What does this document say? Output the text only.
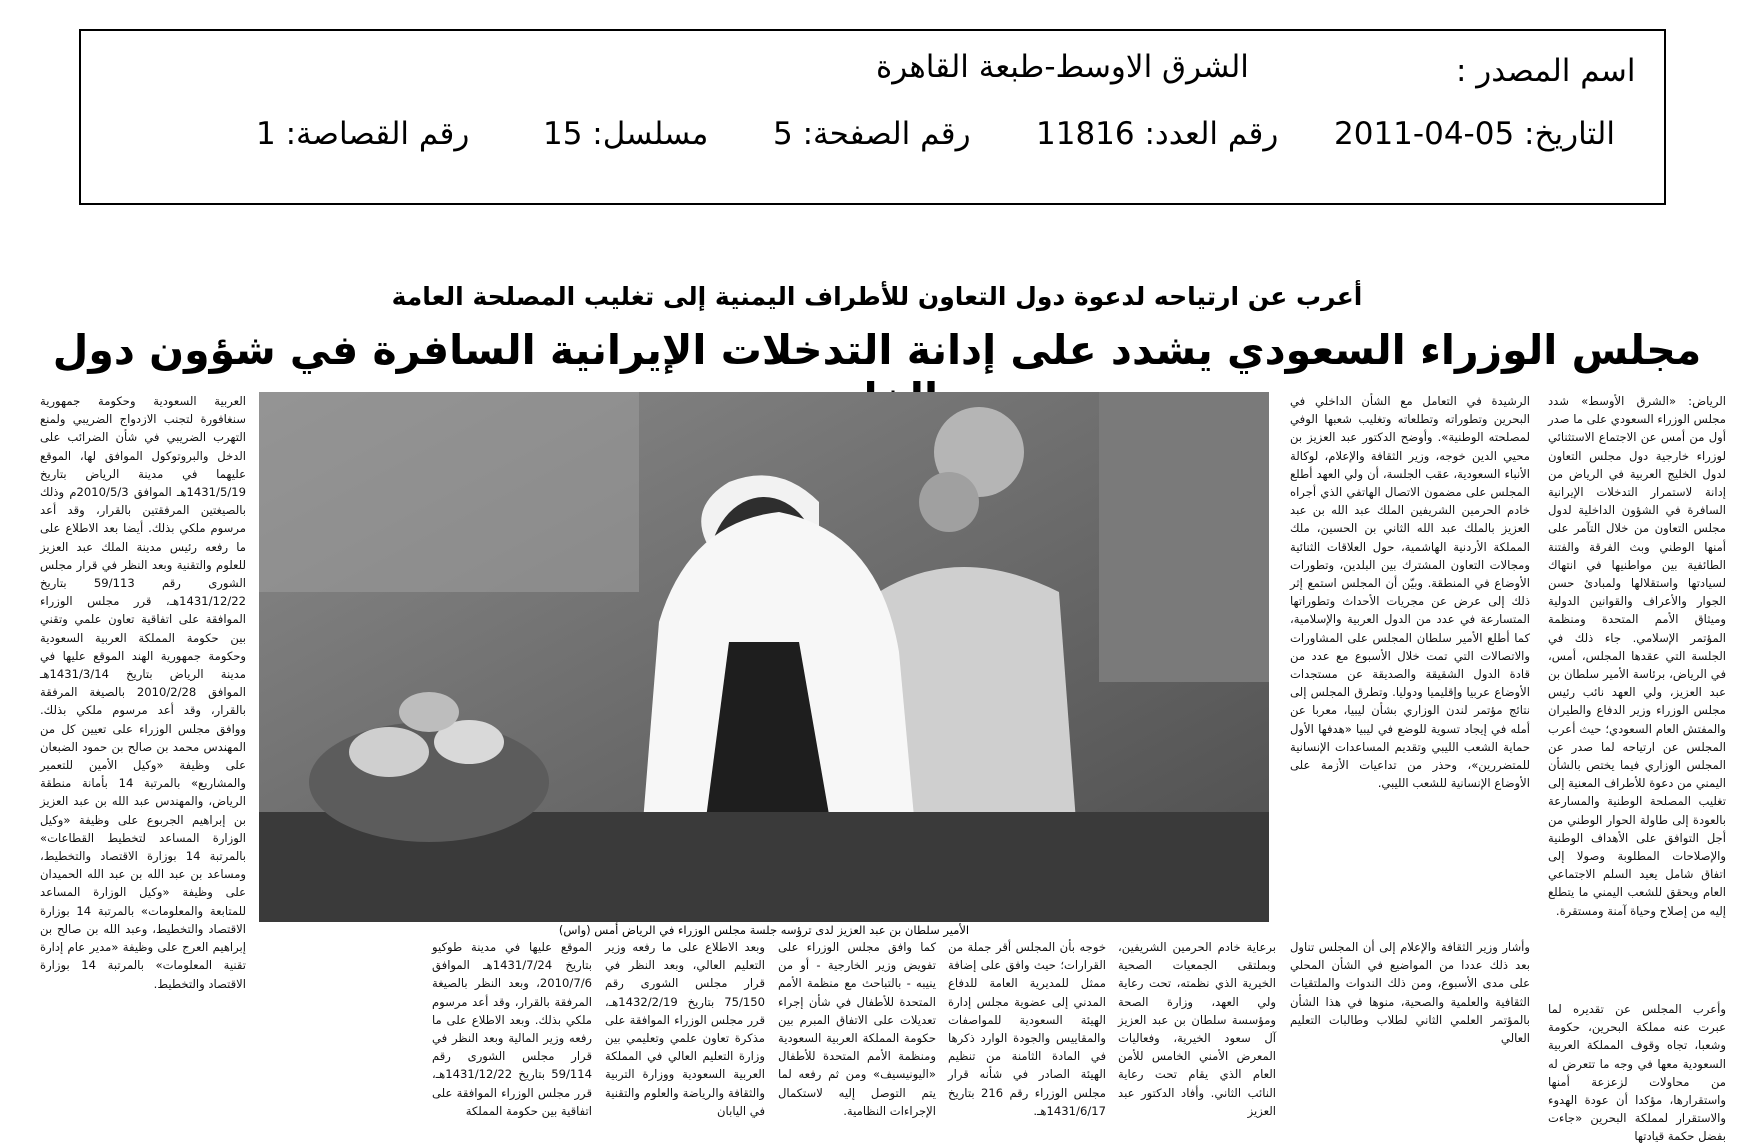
اسم المصدر :
الشرق الاوسط-طبعة القاهرة
التاريخ: 05-04-2011
رقم العدد: 11816
رقم الصفحة: 5
مسلسل: 15
رقم القصاصة: 1
أعرب عن ارتياحه لدعوة دول التعاون للأطراف اليمنية إلى تغليب المصلحة العامة
مجلس الوزراء السعودي يشدد على إدانة التدخلات الإيرانية السافرة في شؤون دول

الرياض: «الشرق الأوسط» شدد مجلس الوزراء السعودي على ما صدر أول من أمس عن الاجتماع الاستثنائي لوزراء خارجية دول مجلس التعاون لدول الخليج العربية في الرياض من إدانة لاستمرار التدخلات الإيرانية السافرة في الشؤون الداخلية لدول مجلس التعاون من خلال التآمر على أمنها الوطني وبث الفرقة والفتنة الطائفية بين مواطنيها في انتهاك لسيادتها واستقلالها ولمبادئ حسن الجوار والأعراف والقوانين الدولية وميثاق الأمم المتحدة ومنظمة المؤتمر الإسلامي. جاء ذلك في الجلسة التي عقدها المجلس، أمس، في الرياض، برئاسة الأمير سلطان بن عبد العزيز، ولي العهد نائب رئيس مجلس الوزراء وزير الدفاع والطيران والمفتش العام السعودي؛ حيث أعرب المجلس عن ارتياحه لما صدر عن المجلس الوزاري فيما يختص بالشأن اليمني من دعوة للأطراف المعنية إلى تغليب المصلحة الوطنية والمسارعة بالعودة إلى طاولة الحوار الوطني من أجل التوافق على الأهداف الوطنية والإصلاحات المطلوبة وصولا إلى اتفاق شامل يعيد السلم الاجتماعي العام ويحقق للشعب اليمني ما يتطلع إليه من إصلاح وحياة آمنة ومستقرة.

وأعرب المجلس عن تقديره لما عبرت عنه مملكة البحرين، حكومة وشعبا، تجاه وقوف المملكة العربية السعودية معها في وجه ما تتعرض له من محاولات لزعزعة أمنها واستقرارها، مؤكدا أن عودة الهدوء والاستقرار لمملكة البحرين «جاءت بفضل حكمة قيادتها

الرشيدة في التعامل مع الشأن الداخلي في البحرين وتطوراته وتطلعاته وتغليب شعبها الوفي لمصلحته الوطنية». وأوضح الدكتور عبد العزيز بن محيي الدين خوجه، وزير الثقافة والإعلام، لوكالة الأنباء السعودية، عقب الجلسة، أن ولي العهد أطلع المجلس على مضمون الاتصال الهاتفي الذي أجراه خادم الحرمين الشريفين الملك عبد الله بن عبد العزيز بالملك عبد الله الثاني بن الحسين، ملك المملكة الأردنية الهاشمية، حول العلاقات الثنائية ومجالات التعاون المشترك بين البلدين، وتطورات الأوضاع في المنطقة. وبيّن أن المجلس استمع إثر ذلك إلى عرض عن مجريات الأحداث وتطوراتها المتسارعة في عدد من الدول العربية والإسلامية، كما أطلع الأمير سلطان المجلس على المشاورات والاتصالات التي تمت خلال الأسبوع مع عدد من قادة الدول الشقيقة والصديقة عن مستجدات الأوضاع عربيا وإقليميا ودوليا. وتطرق المجلس إلى نتائج مؤتمر لندن الوزاري بشأن ليبيا، معربا عن أمله في إيجاد تسوية للوضع في ليبيا «هدفها الأول حماية الشعب الليبي وتقديم المساعدات الإنسانية للمتضررين»، وحذر من تداعيات الأزمة على الأوضاع الإنسانية للشعب الليبي.

الأمير سلطان بن عبد العزيز لدى ترؤسه جلسة مجلس الوزراء في الرياض أمس (واس)

وأشار وزير الثقافة والإعلام إلى أن المجلس تناول بعد ذلك عددا من المواضيع في الشأن المحلي على مدى الأسبوع، ومن ذلك الندوات والملتقيات الثقافية والعلمية والصحية، منوها في هذا الشأن بالمؤتمر العلمي الثاني لطلاب وطالبات التعليم العالي

برعاية خادم الحرمين الشريفين، وبملتقى الجمعيات الصحية الخيرية الذي نظمته، تحت رعاية ولي العهد، وزارة الصحة ومؤسسة سلطان بن عبد العزيز آل سعود الخيرية، وفعاليات المعرض الأمني الخامس للأمن العام الذي يقام تحت رعاية النائب الثاني. وأفاد الدكتور عبد العزيز

خوجه بأن المجلس أقر جملة من القرارات؛ حيث وافق على إضافة ممثل للمديرية العامة للدفاع المدني إلى عضوية مجلس إدارة الهيئة السعودية للمواصفات والمقاييس والجودة الوارد ذكرها في المادة الثامنة من تنظيم الهيئة الصادر في شأنه قرار مجلس الوزراء رقم 216 بتاريخ 1431/6/17هـ.

كما وافق مجلس الوزراء على تفويض وزير الخارجية - أو من ينيبه - بالتباحث مع منظمة الأمم المتحدة للأطفال في شأن إجراء تعديلات على الاتفاق المبرم بين حكومة المملكة العربية السعودية ومنظمة الأمم المتحدة للأطفال «اليونيسيف» ومن ثم رفعه لما يتم التوصل إليه لاستكمال الإجراءات النظامية.

وبعد الاطلاع على ما رفعه وزير التعليم العالي، وبعد النظر في قرار مجلس الشورى رقم 75/150 بتاريخ 1432/2/19هـ، قرر مجلس الوزراء الموافقة على مذكرة تعاون علمي وتعليمي بين وزارة التعليم العالي في المملكة العربية السعودية ووزارة التربية والثقافة والرياضة والعلوم والتقنية في اليابان

الموقع عليها في مدينة طوكيو بتاريخ 1431/7/24هـ الموافق 2010/7/6، وبعد النظر بالصيغة المرفقة بالقرار، وقد أعد مرسوم ملكي بذلك. وبعد الاطلاع على ما رفعه وزير المالية وبعد النظر في قرار مجلس الشورى رقم 59/114 بتاريخ 1431/12/22هـ، قرر مجلس الوزراء الموافقة على اتفاقية بين حكومة المملكة

العربية السعودية وحكومة جمهورية سنغافورة لتجنب الازدواج الضريبي ولمنع التهرب الضريبي في شأن الضرائب على الدخل والبروتوكول الموافق لها، الموقع عليهما في مدينة الرياض بتاريخ 1431/5/19هـ الموافق 2010/5/3م وذلك بالصيغتين المرفقتين بالقرار، وقد أعد مرسوم ملكي بذلك. أيضا بعد الاطلاع على ما رفعه رئيس مدينة الملك عبد العزيز للعلوم والتقنية وبعد النظر في قرار مجلس الشورى رقم 59/113 بتاريخ 1431/12/22هـ، قرر مجلس الوزراء الموافقة على اتفاقية تعاون علمي وتقني بين حكومة المملكة العربية السعودية وحكومة جمهورية الهند الموقع عليها في مدينة الرياض بتاريخ 1431/3/14هـ الموافق 2010/2/28 بالصيغة المرفقة بالقرار، وقد أعد مرسوم ملكي بذلك. ووافق مجلس الوزراء على تعيين كل من المهندس محمد بن صالح بن حمود الضبعان على وظيفة «وكيل الأمين للتعمير والمشاريع» بالمرتبة 14 بأمانة منطقة الرياض، والمهندس عبد الله بن عبد العزيز بن إبراهيم الجربوع على وظيفة «وكيل الوزارة المساعد لتخطيط القطاعات» بالمرتبة 14 بوزارة الاقتصاد والتخطيط، ومساعد بن عبد الله بن عبد الله الحميدان على وظيفة «وكيل الوزارة المساعد للمتابعة والمعلومات» بالمرتبة 14 بوزارة الاقتصاد والتخطيط، وعبد الله بن صالح بن إبراهيم العرج على وظيفة «مدير عام إدارة تقنية المعلومات» بالمرتبة 14 بوزارة الاقتصاد والتخطيط.
